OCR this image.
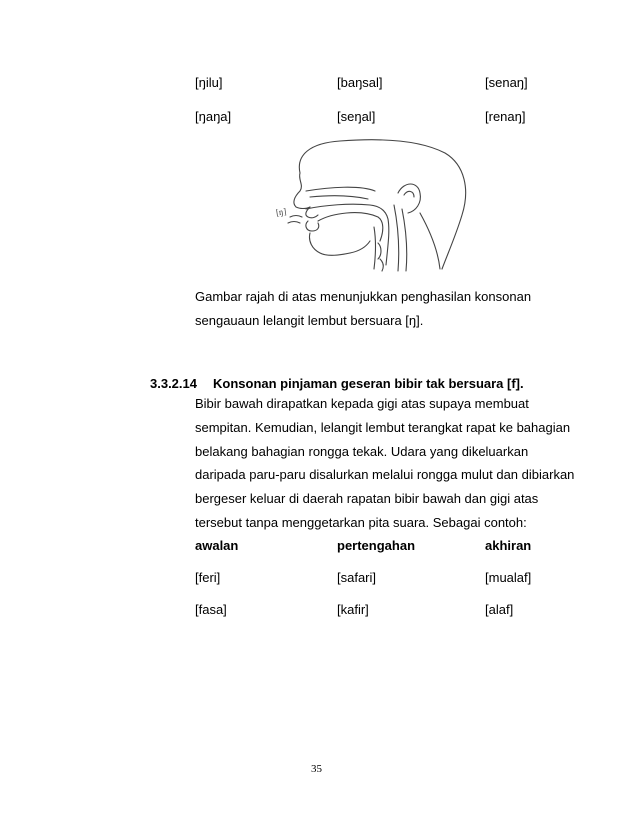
[ŋilu]	[baŋsal]	[senaŋ]
[ŋaŋa]	[seŋal]	[renaŋ]
[ŋ]
Gambar rajah di atas menunjukkan penghasilan konsonan
sengauaun lelangit lembut bersuara [ŋ].
3.3.2.14 Konsonan pinjaman geseran bibir tak bersuara [f].
Bibir bawah dirapatkan kepada gigi atas supaya membuat
sempitan. Kemudian, lelangit lembut terangkat rapat ke bahagian
belakang bahagian rongga tekak. Udara yang dikeluarkan
daripada paru-paru disalurkan melalui rongga mulut dan dibiarkan
bergeser keluar di daerah rapatan bibir bawah dan gigi atas
tersebut tanpa menggetarkan pita suara. Sebagai contoh:
awalan	pertengahan	akhiran
[feri]	[safari]	[mualaf]
[fasa]	[kafir]	[alaf]
35
